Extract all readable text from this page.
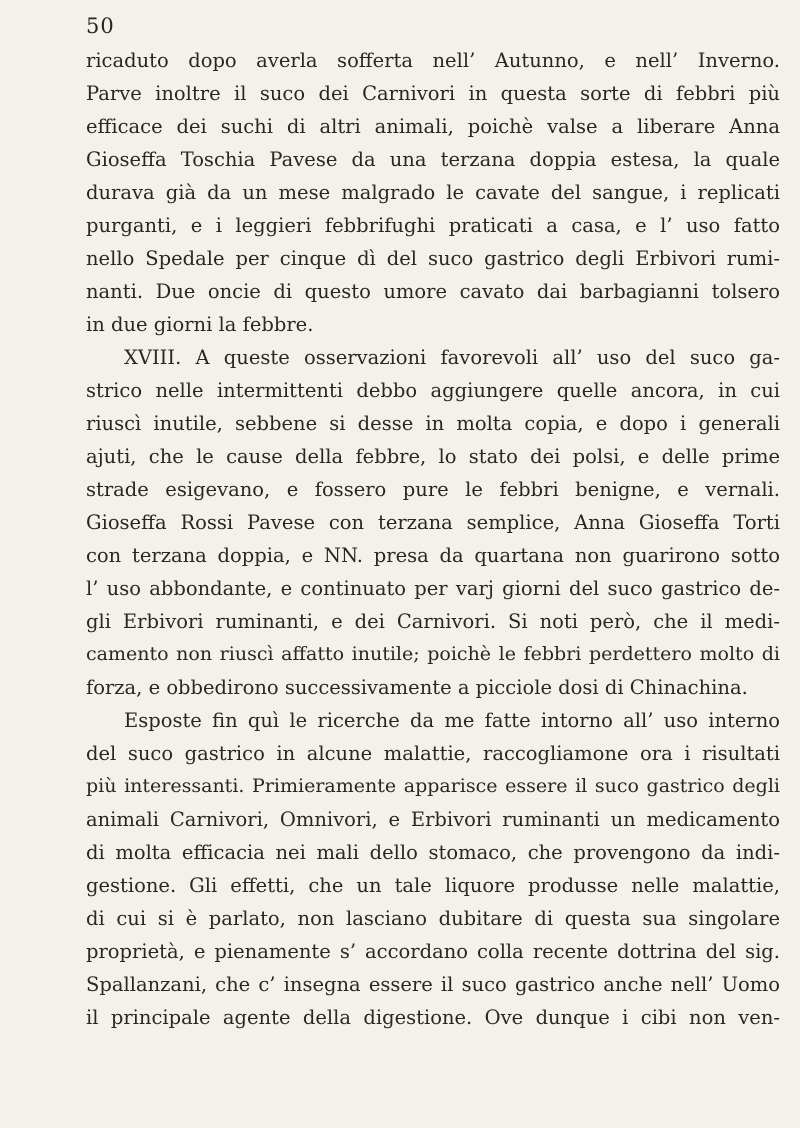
50
ricaduto dopo averla sofferta nell’ Autunno, e nell’ Inverno.
Parve inoltre il suco dei Carnivori in questa sorte di febbri più
efficace dei suchi di altri animali, poichè valse a liberare Anna
Gioseffa Toschia Pavese da una terzana doppia estesa, la quale
durava già da un mese malgrado le cavate del sangue, i replicati
purganti, e i leggieri febbrifughi praticati a casa, e l’ uso fatto
nello Spedale per cinque dì del suco gastrico degli Erbivori rumi-
nanti. Due oncie di questo umore cavato dai barbagianni tolsero
in due giorni la febbre.
XVIII. A queste osservazioni favorevoli all’ uso del suco ga-
strico nelle intermittenti debbo aggiungere quelle ancora, in cui
riuscì inutile, sebbene si desse in molta copia, e dopo i generali
ajuti, che le cause della febbre, lo stato dei polsi, e delle prime
strade esigevano, e fossero pure le febbri benigne, e vernali.
Gioseffa Rossi Pavese con terzana semplice, Anna Gioseffa Torti
con terzana doppia, e NN. presa da quartana non guarirono sotto
l’ uso abbondante, e continuato per varj giorni del suco gastrico de-
gli Erbivori ruminanti, e dei Carnivori. Si noti però, che il medi-
camento non riuscì affatto inutile; poichè le febbri perdettero molto di
forza, e obbedirono successivamente a picciole dosi di Chinachina.
Esposte fin quì le ricerche da me fatte intorno all’ uso interno
del suco gastrico in alcune malattie, raccogliamone ora i risultati
più interessanti. Primieramente apparisce essere il suco gastrico degli
animali Carnivori, Omnivori, e Erbivori ruminanti un medicamento
di molta efficacia nei mali dello stomaco, che provengono da indi-
gestione. Gli effetti, che un tale liquore produsse nelle malattie,
di cui si è parlato, non lasciano dubitare di questa sua singolare
proprietà, e pienamente s’ accordano colla recente dottrina del sig.
Spallanzani, che c’ insegna essere il suco gastrico anche nell’ Uomo
il principale agente della digestione. Ove dunque i cibi non ven-
